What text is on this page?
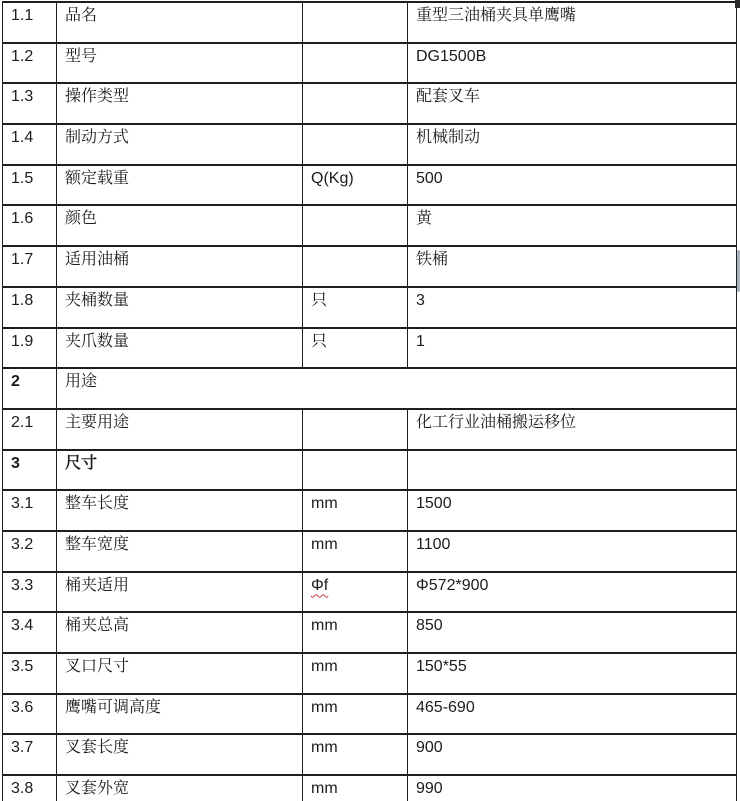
1.1	品名		重型三油桶夹具单鹰嘴
1.2	型号		DG1500B
1.3	操作类型		配套叉车
1.4	制动方式		机械制动
1.5	额定载重	Q(Kg)	500
1.6	颜色		黄
1.7	适用油桶		铁桶
1.8	夹桶数量	只	3
1.9	夹爪数量	只	1
2	用途		
2.1	主要用途		化工行业油桶搬运移位
3	尺寸		
3.1	整车长度	mm	1500
3.2	整车宽度	mm	1100
3.3	桶夹适用	Φf	Φ572*900
3.4	桶夹总高	mm	850
3.5	叉口尺寸	mm	150*55
3.6	鹰嘴可调高度	mm	465-690
3.7	叉套长度	mm	900
3.8	叉套外宽	mm	990
